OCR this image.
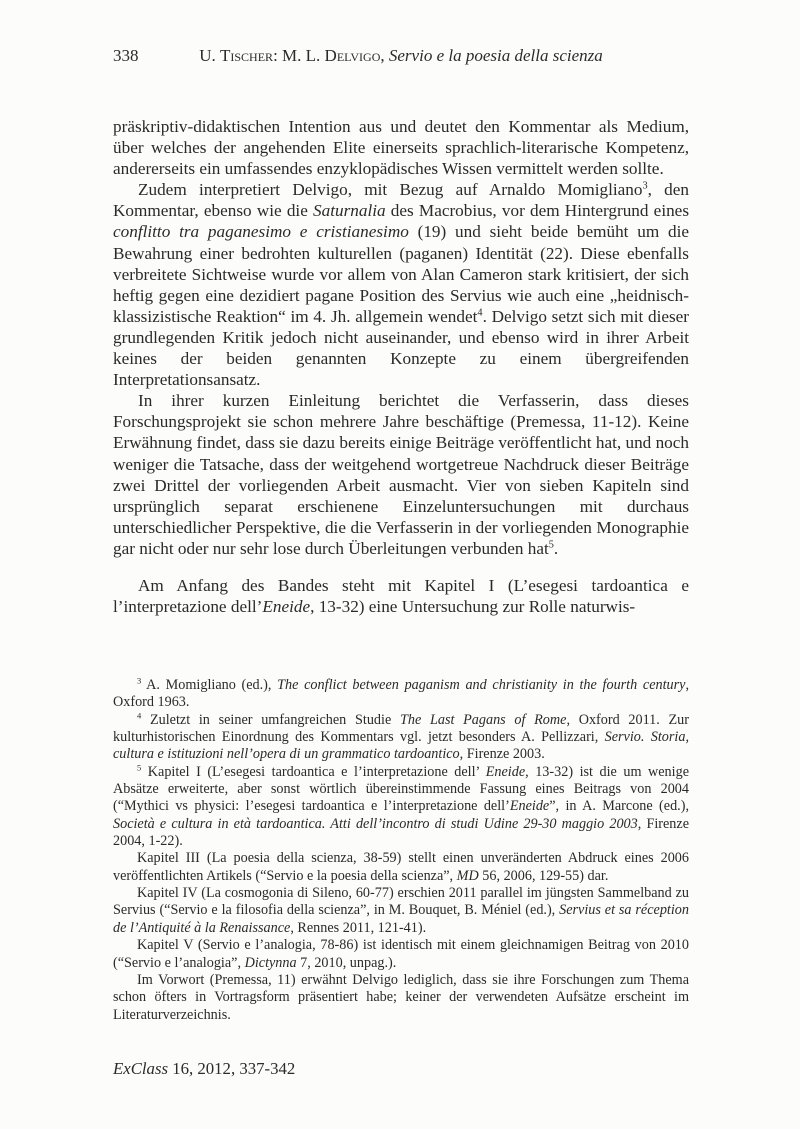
338	U. Tischer: M. L. Delvigo, Servio e la poesia della scienza

präskriptiv-didaktischen Intention aus und deutet den Kommentar als Medium, über welches der angehenden Elite einerseits sprachlich-literarische Kompetenz, andererseits ein umfassendes enzyklopädisches Wissen vermittelt werden sollte.

Zudem interpretiert Delvigo, mit Bezug auf Arnaldo Momigliano$^3$, den Kommentar, ebenso wie die Saturnalia des Macrobius, vor dem Hintergrund eines conflitto tra paganesimo e cristianesimo (19) und sieht beide bemüht um die Bewahrung einer bedrohten kulturellen (paganen) Identität (22). Diese ebenfalls verbreitete Sichtweise wurde vor allem von Alan Cameron stark kritisiert, der sich heftig gegen eine dezidiert pagane Position des Servius wie auch eine „heidnisch-klassizistische Reaktion“ im 4. Jh. allgemein wendet$^4$. Delvigo setzt sich mit dieser grundlegenden Kritik jedoch nicht auseinander, und ebenso wird in ihrer Arbeit keines der beiden genannten Konzepte zu einem übergreifenden Interpretationsansatz.

In ihrer kurzen Einleitung berichtet die Verfasserin, dass dieses Forschungsprojekt sie schon mehrere Jahre beschäftige (Premessa, 11-12). Keine Erwähnung findet, dass sie dazu bereits einige Beiträge veröffentlicht hat, und noch weniger die Tatsache, dass der weitgehend wortgetreue Nachdruck dieser Beiträge zwei Drittel der vorliegenden Arbeit ausmacht. Vier von sieben Kapiteln sind ursprünglich separat erschienene Einzeluntersuchungen mit durchaus unterschiedlicher Perspektive, die die Verfasserin in der vorliegenden Monographie gar nicht oder nur sehr lose durch Überleitungen verbunden hat$^5$.

Am Anfang des Bandes steht mit Kapitel I (L’esegesi tardoantica e l’interpretazione dell’Eneide, 13-32) eine Untersuchung zur Rolle naturwis-

$^3$ A. Momigliano (ed.), The conflict between paganism and christianity in the fourth century, Oxford 1963.

$^4$ Zuletzt in seiner umfangreichen Studie The Last Pagans of Rome, Oxford 2011. Zur kulturhistorischen Einordnung des Kommentars vgl. jetzt besonders A. Pellizzari, Servio. Storia, cultura e istituzioni nell’opera di un grammatico tardoantico, Firenze 2003.

$^5$ Kapitel I (L’esegesi tardoantica e l’interpretazione dell’ Eneide, 13-32) ist die um wenige Absätze erweiterte, aber sonst wörtlich übereinstimmende Fassung eines Beitrags von 2004 (“Mythici vs physici: l’esegesi tardoantica e l’interpretazione dell’Eneide”, in A. Marcone (ed.), Società e cultura in età tardoantica. Atti dell’incontro di studi Udine 29-30 maggio 2003, Firenze 2004, 1-22).

Kapitel III (La poesia della scienza, 38-59) stellt einen unveränderten Abdruck eines 2006 veröffentlichten Artikels (“Servio e la poesia della scienza”, MD 56, 2006, 129-55) dar.

Kapitel IV (La cosmogonia di Sileno, 60-77) erschien 2011 parallel im jüngsten Sammelband zu Servius (“Servio e la filosofia della scienza”, in M. Bouquet, B. Méniel (ed.), Servius et sa réception de l’Antiquité à la Renaissance, Rennes 2011, 121-41).

Kapitel V (Servio e l’analogia, 78-86) ist identisch mit einem gleichnamigen Beitrag von 2010 (“Servio e l’analogia”, Dictynna 7, 2010, unpag.).

Im Vorwort (Premessa, 11) erwähnt Delvigo lediglich, dass sie ihre Forschungen zum Thema schon öfters in Vortragsform präsentiert habe; keiner der verwendeten Aufsätze erscheint im Literaturverzeichnis.

ExClass 16, 2012, 337-342
